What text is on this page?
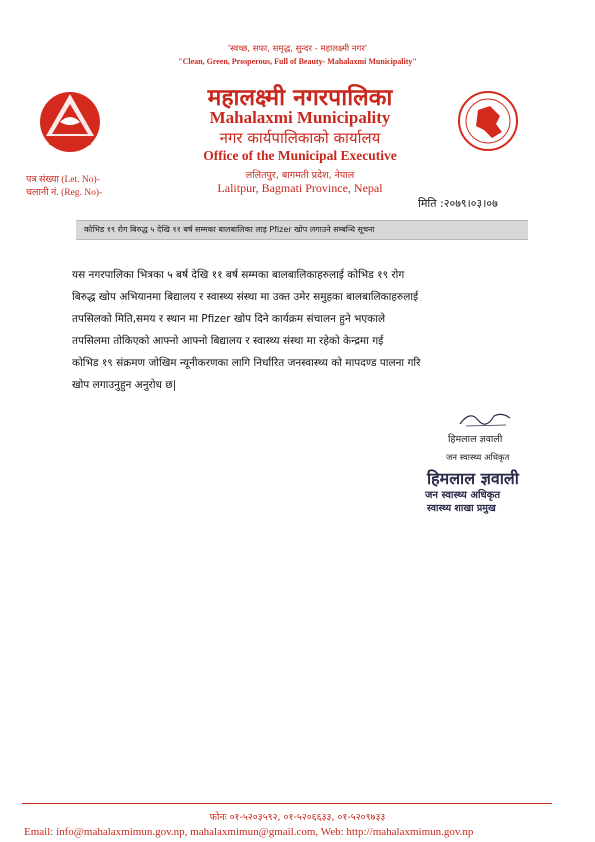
'स्वच्छ, सफा, समृद्ध, सुन्दर - महालक्ष्मी नगर'
"Clean, Green, Prosperous, Full of Beauty- Mahalaxmi Municipality"
महालक्ष्मी नगरपालिका
Mahalaxmi Municipality
नगर कार्यपालिकाको कार्यालय
Office of the Municipal Executive
ललितपुर, बागमती प्रदेश, नेपाल
Lalitpur, Bagmati Province, Nepal
पत्र संख्या (Let. No)-
चलानी नं. (Reg. No)-
मिति :२०७९।०३।०७
कोभिड १९ रोग बिरुद्ध ५ देखि ११ बर्ष सम्मका बालबालिका लाइ Pfizer खोप लगाउने सम्बन्धि सूचना
यस नगरपालिका भित्रका ५ बर्ष देखि ११ बर्ष सम्मका बालबालिकाहरुलाई कोभिड १९ रोग
बिरुद्ध खोप अभियानमा बिद्यालय र स्वास्थ्य संस्था मा उक्त उमेर समुहका बालबालिकाहरुलाई
तपसिलको मिति,समय र स्थान मा Pfizer खोप दिने कार्यक्रम संचालन हुने भएकाले
तपसिलमा तोकिएको आफ्नो आफ्नो बिद्यालय र स्वास्थ्य संस्था मा रहेको केन्द्रमा गई
कोभिड १९ संक्रमण जोखिम न्यूनीकरणका लागि निर्धारित जनस्वास्थ्य को मापदण्ड पालना गरि
खोप लगाउनुहुन अनुरोध छ|
हिमलाल ज्ञवाली
जन स्वास्थ्य अधिकृत
हिमलाल ज्ञवाली
जन स्वास्थ्य अधिकृत
स्वास्थ्य शाखा प्रमुख
फोनः ०१-५२०३५९२, ०१-५२०६६३३, ०१-५२०९७३३
Email: info@mahalaxmimun.gov.np, mahalaxmimun@gmail.com, Web: http://mahalaxmimun.gov.np
